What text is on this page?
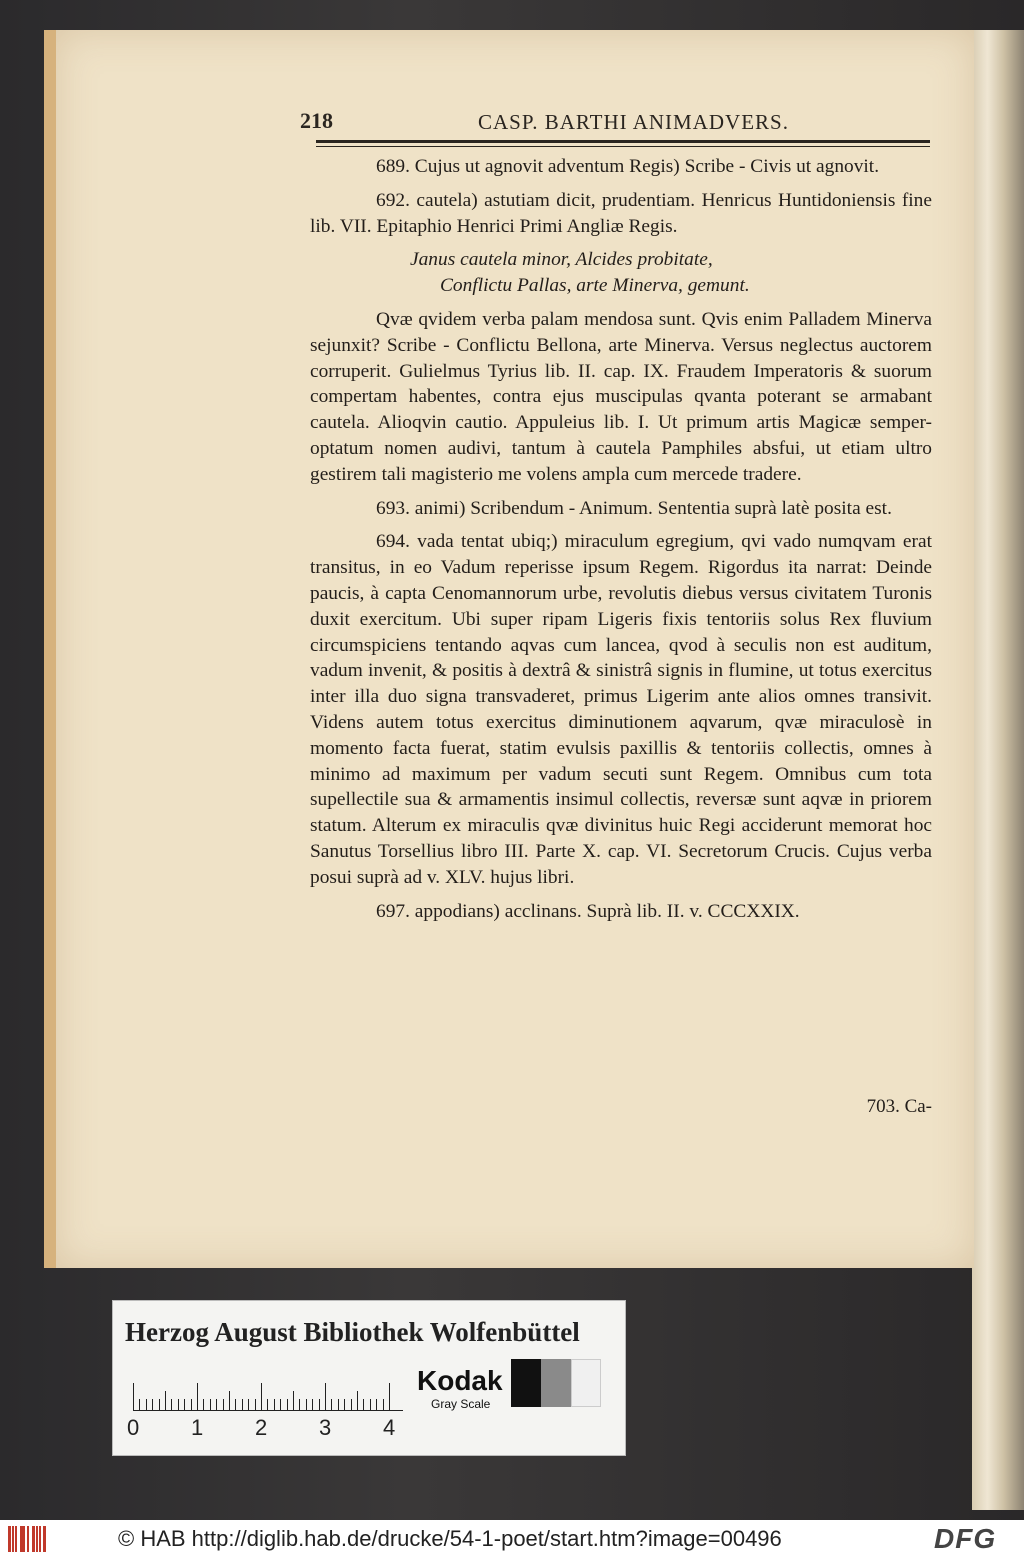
218	CASP. BARTHI ANIMADVERS.

689. Cujus ut agnovit adventum Regis) Scribe - Civis ut agnovit.

692. cautela) astutiam dicit, prudentiam. Henricus Huntidoniensis fine lib. VII. Epitaphio Henrici Primi Angliæ Regis.

Janus cautela minor, Alcides probitate,

Conflictu Pallas, arte Minerva, gemunt.

Qvæ qvidem verba palam mendosa sunt. Qvis enim Palladem Minerva sejunxit? Scribe - Conflictu Bellona, arte Minerva. Versus neglectus auctorem corruperit. Gulielmus Tyrius lib. II. cap. IX. Fraudem Imperatoris & suorum compertam habentes, contra ejus muscipulas qvanta poterant se armabant cautela. Alioqvin cautio. Appuleius lib. I. Ut primum artis Magicæ semper-optatum nomen audivi, tantum à cautela Pamphiles absfui, ut etiam ultro gestirem tali magisterio me volens ampla cum mercede tradere.

693. animi) Scribendum - Animum. Sententia suprà latè posita est.

694. vada tentat ubiq;) miraculum egregium, qvi vado numqvam erat transitus, in eo Vadum reperisse ipsum Regem. Rigordus ita narrat: Deinde paucis, à capta Cenomannorum urbe, revolutis diebus versus civitatem Turonis duxit exercitum. Ubi super ripam Ligeris fixis tentoriis solus Rex fluvium circumspiciens tentando aqvas cum lancea, qvod à seculis non est auditum, vadum invenit, & positis à dextrâ & sinistrâ signis in flumine, ut totus exercitus inter illa duo signa transvaderet, primus Ligerim ante alios omnes transivit. Videns autem totus exercitus diminutionem aqvarum, qvæ miraculosè in momento facta fuerat, statim evulsis paxillis & tentoriis collectis, omnes à minimo ad maximum per vadum secuti sunt Regem. Omnibus cum tota supellectile sua & armamentis insimul collectis, reversæ sunt aqvæ in priorem statum. Alterum ex miraculis qvæ divinitus huic Regi acciderunt memorat hoc Sanutus Torsellius libro III. Parte X. cap. VI. Secretorum Crucis. Cujus verba posui suprà ad v. XLV. hujus libri.

697. appodians) acclinans. Suprà lib. II. v. CCCXXIX.

703. Ca-
Herzog August Bibliothek Wolfenbüttel
0 1 2 3 4
Kodak
Gray Scale
© HAB http://diglib.hab.de/drucke/54-1-poet/start.htm?image=00496	DFG
